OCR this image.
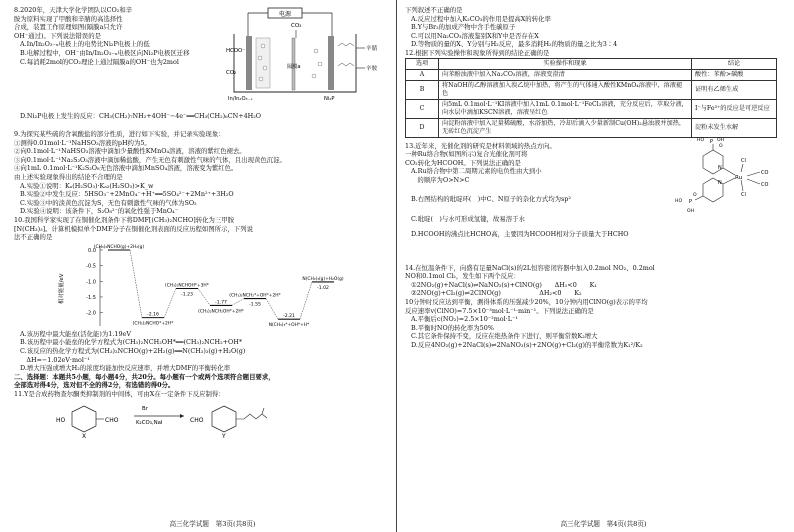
8.2020年，天津大学化学团队以CO₂和辛

胺为原料实现了甲酸和辛腈的高选择性

合成，装置工作原理如图(隔膜a只允许

OH⁻通过)。下列说法错误的是

A.In/In₂O₃₋ₓ电极上的电势比Ni₂P电极上的低

B.电解过程中，OH⁻由In/In₂O₃₋ₓ电极区向Ni₂P电极区迁移

C.每消耗2mol的CO₂理论上通过隔膜a的OH⁻也为2mol

D.Ni₂P电极上发生的反应：CH₃(CH₂)₇NH₂+4OH⁻−4e⁻══CH₃(CH₂)₆CN+4H₂O

电源
CO₂
HCOO⁻
CO₂
隔膜a
In/In₂O₃₋ₓ	Ni₂P
辛腈
辛胺

9.为探究某些硫的含氧酸盐的部分性质，进行如下实验，并记录实验现象：

①测得0.01mol·L⁻¹NaHSO₃溶液的pH约为5。

②向0.1mol·L⁻¹NaHSO₃溶液中滴加少量酸性KMnO₄溶液，溶液的紫红色褪去。

③向0.1mol·L⁻¹Na₂S₂O₃溶液中滴加稀盐酸，产生无色有刺激性气味的气体，且出现黄色沉淀。

④向1mL 0.1mol·L⁻¹K₂S₂O₈无色溶液中滴加MnSO₄溶液，溶液变为紫红色。

由上述实验现象得出的结论不合理的是

A.实验①说明：Kₐ(H₂SO₃)·Kₐ₂(H₂SO₃)>K_w

B.实验②中发生反应：5HSO₃⁻+2MnO₄⁻+H⁺══5SO₄²⁻+2Mn²⁺+3H₂O

C.实验③中的淡黄色沉淀为S，无色有刺激性气味的气体为SO₂

D.实验④说明：该条件下，S₂O₈²⁻的氧化性强于MnO₄⁻

10.我国科学家实现了在铜催化剂条件下将DMF[(CH₃)₂NCHO]转化为三甲胺

[N(CH₃)₃]。计算机模拟单个DMF分子在铜催化剂表面的反应历程如图所示，下列说

法不正确的是

相对能量/eV
0.0
-0.5
-1.0
-1.5
-2.0
(CH₃)₂NCHO(g)+2H₂(g)
(CH₃)₂NCHO*+2H*
-2.16
(CH₃)₂NCHOH*+3H*
-1.23
(CH₃)₂NCH₂OH*+2H*
-1.77
(CH₃)₂NCH₂*+OH*+2H*
-1.55
N(CH₃)₃*+OH*+H*
-2.21
N(CH₃)₃(g)+H₂O(g)
-1.02

A.该历程中最大能垒(活化能)为1.19eV

B.该历程中最小能垒的化学方程式为(CH₃)₂NCH₂OH*══(CH₃)₂NCH₂+OH*

C.该反应的热化学方程式为(CH₃)₂NCHO(g)+2H₂(g)══N(CH₃)₃(g)+H₂O(g)

　ΔH=−1.02eV·mol⁻¹

D.增大压强或增大H₂的浓度均能加快反应速率，并增大DMF的平衡转化率

二、选择题：本题共5小题，每小题4分，共20分。每小题有一个或两个选项符合题目要求，

全部选对得4分，选对但不全的得2分，有选错的得0分。

11.Y是合成药物查尔酮类抑制剂的中间体，可由X在一定条件下反应制得：

HO	CHO
X
Br
K₂CO₃,NaI	CHO
Y
高三化学试题　第3页(共8页)

下列叙述不正确的是

A.反应过程中加入K₂CO₃的作用是提高X的转化率

B.Y与Br₂的加成产物中含手性碳原子

C.可以用Na₂CO₃溶液鉴别X和Y中是否存在X

D.等物质的量的X、Y分别与H₂反应，最多消耗H₂的物质的量之比为3∶4

12.根据下列实验操作和现象所得到的结论正确的是

选项	实验操作和现象	结论
A	向苯酚浊液中加入Na₂CO₃溶液，溶液变澄清	酸性：苯酚>碳酸
B	将NaOH的乙醇溶液加入溴乙烷中加热，将产生的气体通入酸性KMnO₄溶液中，溶液褪色	证明有乙烯生成
C	向5mL 0.1mol·L⁻¹KI溶液中加入1mL 0.1mol·L⁻¹FeCl₃溶液，充分反应后，萃取分液，向水层中滴加KSCN溶液，溶液呈红色	I⁻与Fe³⁺的反应是可逆反应
D	向淀粉溶液中加入足量稀硫酸，水浴加热，冷却后滴入少量新制Cu(OH)₂悬浊液并加热，无砖红色沉淀产生	淀粉未发生水解

13.近年来，光催化剂的研究是材料领域的热点方向。

一种Ru络合物(如图所示)复合光催化剂可将

CO₂转化为HCOOH。下列说法正确的是

A.Ru络合物中第二周期元素的电负性由大到小

　的顺序为O>N>C

B.右图结构的吡啶环(　)中C、N原子的杂化方式均为sp²

C.吡啶(　)与水可形成氢键，故易溶于水

D.HCOOH的沸点比HCHO高，主要因为HCOOH相对分子质量大于HCHO

N
N
Ru
Cl
Cl
CO
CO
P
HO	OH
O
P
HO
OH
O

14.在恒温条件下，向盛有足量NaCl(s)的2L恒容密闭容器中加入0.2mol NO₂、0.2mol

NO和0.1mol Cl₂，发生如下两个反应：

①2NO₂(g)+NaCl(s)⇌NaNO₃(s)+ClNO(g)　　ΔH₁<0　　K₁

②2NO(g)+Cl₂(g)⇌2ClNO(g)　　　　　　ΔH₂<0　　K₂

10分钟时反应达到平衡，测得体系的压强减少20%，10分钟内用ClNO(g)表示的平均

反应速率v(ClNO)=7.5×10⁻³mol·L⁻¹·min⁻¹。下列说法正确的是

A.平衡后c(NO₂)=2.5×10⁻²mol·L⁻¹

B.平衡时NO的转化率为50%

C.其它条件保持不变，反应在绝热条件下进行，则平衡常数K₂增大

D.反应4NO₂(g)+2NaCl(s)⇌2NaNO₃(s)+2NO(g)+Cl₂(g)的平衡常数为K₁²/K₂

高三化学试题　第4页(共8页)
